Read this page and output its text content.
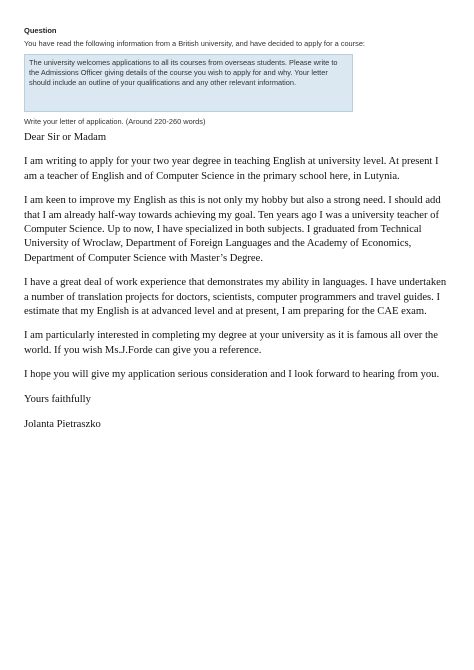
Question

You have read the following information from a British university, and have decided to apply for a course:

The university welcomes applications to all its courses from overseas students. Please write to the Admissions Officer giving details of the course you wish to apply for and why. Your letter should include an outline of your qualifications and any other relevant information.

Write your letter of application. (Around 220-260 words)

Dear Sir or Madam

I am writing to apply for your two year degree in teaching English at university level. At present I am a teacher of English and of Computer Science in the primary school here, in Lutynia.

I am keen to improve my English as this is not only my hobby but also a strong need. I should add that I am already half-way towards achieving my goal. Ten years ago I was a university teacher of Computer Science. Up to now, I have specialized in both subjects. I graduated from Technical University of Wroclaw, Department of Foreign Languages and the Academy of Economics, Department of Computer Science with Master’s Degree.

I have a great deal of work experience that demonstrates my ability in languages. I have undertaken a number of translation projects for doctors, scientists, computer programmers and travel guides. I estimate that my English is at advanced level and at present, I am preparing for the CAE exam.

I am particularly interested in completing my degree at your university as it is famous all over the world. If you wish Ms.J.Forde can give you a reference.

I hope you will give my application serious consideration and I look forward to hearing from you.

Yours faithfully

Jolanta Pietraszko
